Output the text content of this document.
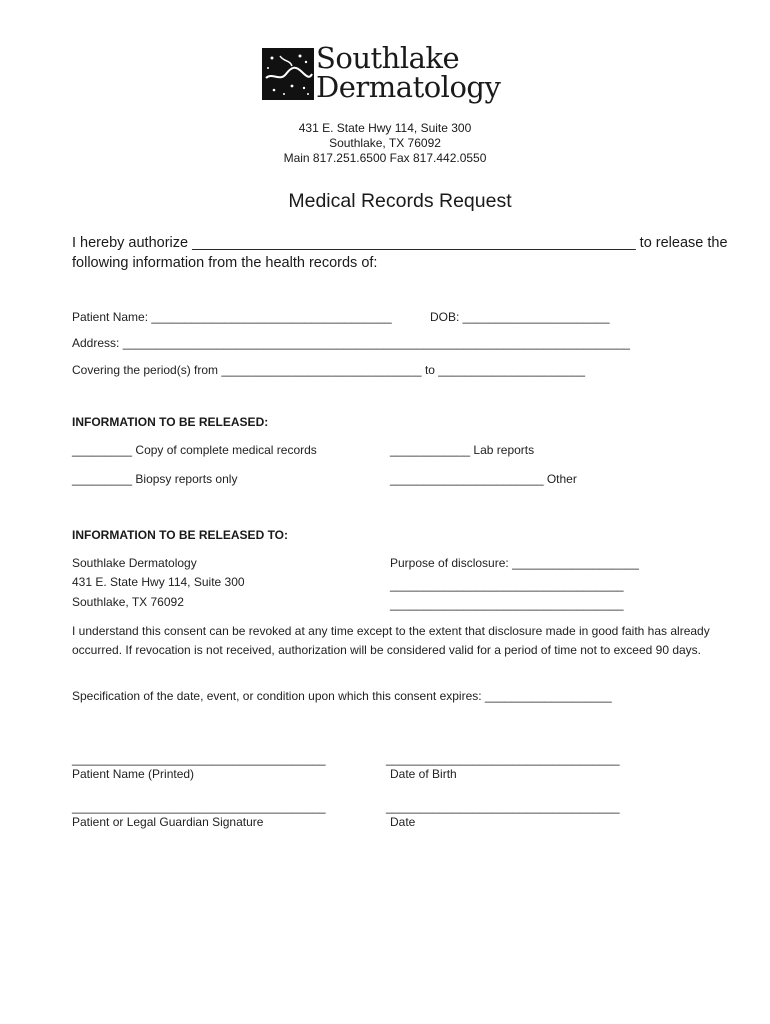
Southlake
Dermatology
431 E. State Hwy 114, Suite 300
Southlake, TX 76092
Main 817.251.6500 Fax 817.442.0550
Medical Records Request
I hereby authorize _______________________________________________________ to release the
following information from the health records of:
Patient Name: ____________________________________	DOB: ______________________
Address: ____________________________________________________________________________
Covering the period(s) from ______________________________ to ______________________
INFORMATION TO BE RELEASED:
_________ Copy of complete medical records	____________ Lab reports
_________ Biopsy reports only	_______________________ Other
INFORMATION TO BE RELEASED TO:
Southlake Dermatology
431 E. State Hwy 114, Suite 300
Southlake, TX 76092
Purpose of disclosure: ___________________
___________________________________
___________________________________
I understand this consent can be revoked at any time except to the extent that disclosure made in good faith has already occurred. If revocation is not received, authorization will be considered valid for a period of time not to exceed 90 days.
Specification of the date, event, or condition upon which this consent expires: ___________________
______________________________________	___________________________________
Patient Name (Printed)	Date of Birth
______________________________________	___________________________________
Patient or Legal Guardian Signature	Date
